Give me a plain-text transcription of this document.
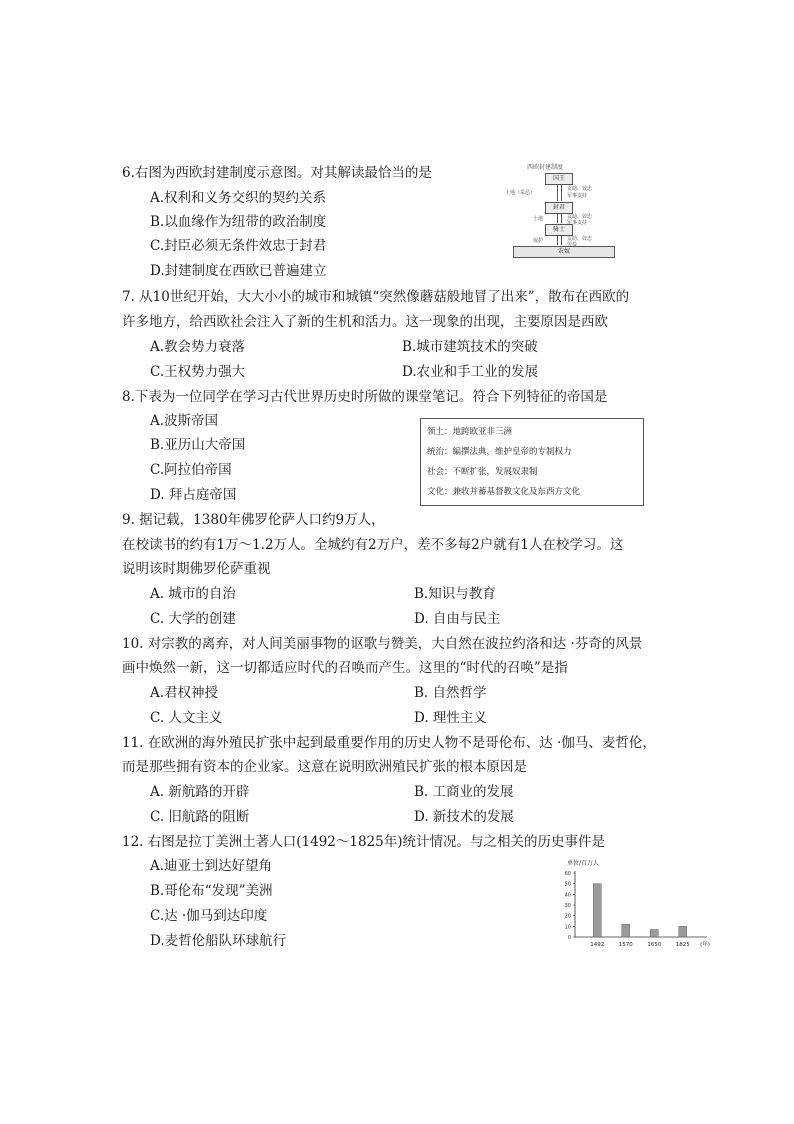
6.右图为西欧封建制度示意图。对其解读最恰当的是
A.权利和义务交织的契约关系
B.以血缘作为纽带的政治制度
C.封臣必须无条件效忠于封君
D.封建制度在西欧已普遍建立
西欧封建制度
国王
封君
骑士
农奴
土地（采邑）
土地
保护
贡助、效忠
军事支持
贡助、效忠
军事支持
贡助、效忠
劳役
7. 从10世纪开始，大大小小的城市和城镇“突然像蘑菇般地冒了出来”，散布在西欧的
许多地方，给西欧社会注入了新的生机和活力。这一现象的出现，主要原因是西欧
A.教会势力衰落	B.城市建筑技术的突破
C.王权势力强大	D.农业和手工业的发展
8.下表为一位同学在学习古代世界历史时所做的课堂笔记。符合下列特征的帝国是
A.波斯帝国
B.亚历山大帝国
C.阿拉伯帝国
D. 拜占庭帝国
领土：地跨欧亚非三洲
统治：编撰法典，维护皇帝的专制权力
社会：不断扩张，发展奴隶制
文化：兼收并蓄基督教文化及东西方文化
9. 据记载，1380年佛罗伦萨人口约9万人，
在校读书的约有1万～1.2万人。全城约有2万户，差不多每2户就有1人在校学习。这
说明该时期佛罗伦萨重视
A. 城市的自治	B.知识与教育
C. 大学的创建	D. 自由与民主
10. 对宗教的离弃，对人间美丽事物的讴歌与赞美，大自然在波拉约洛和达 ·芬奇的风景
画中焕然一新，这一切都适应时代的召唤而产生。这里的“时代的召唤”是指
A.君权神授	B. 自然哲学
C. 人文主义	D. 理性主义
11. 在欧洲的海外殖民扩张中起到最重要作用的历史人物不是哥伦布、达 ·伽马、麦哲伦，
而是那些拥有资本的企业家。这意在说明欧洲殖民扩张的根本原因是
A. 新航路的开辟	B. 工商业的发展
C. 旧航路的阻断	D. 新技术的发展
12. 右图是拉丁美洲土著人口(1492～1825年)统计情况。与之相关的历史事件是
A.迪亚士到达好望角
B.哥伦布“发现”美洲
C.达 ·伽马到达印度
D.麦哲伦船队环球航行
单位/百万人
0
10
20
30
40
50
60
1492	1570	1650	1825 (年)
